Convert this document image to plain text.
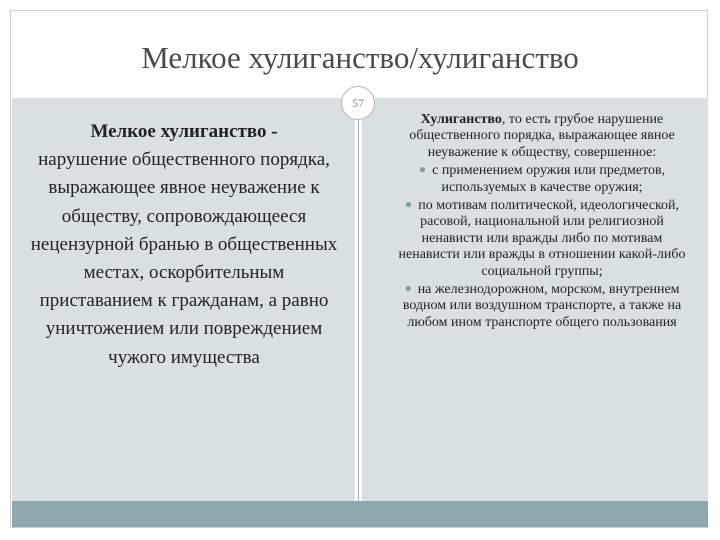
Мелкое хулиганство/хулиганство
57

Мелкое хулиганство -
нарушение общественного порядка, выражающее явное неуважение к обществу, сопровождающееся нецензурной бранью в общественных местах, оскорбительным приставанием к гражданам, а равно уничтожением или повреждением чужого имущества

Хулиганство, то есть грубое нарушение общественного порядка, выражающее явное неуважение к обществу, совершенное:

● с применением оружия или предметов, используемых в качестве оружия;
● по мотивам политической, идеологической, расовой, национальной или религиозной ненависти или вражды либо по мотивам ненависти или вражды в отношении какой-либо социальной группы;
● на железнодорожном, морском, внутреннем водном или воздушном транспорте, а также на любом ином транспорте общего пользования
